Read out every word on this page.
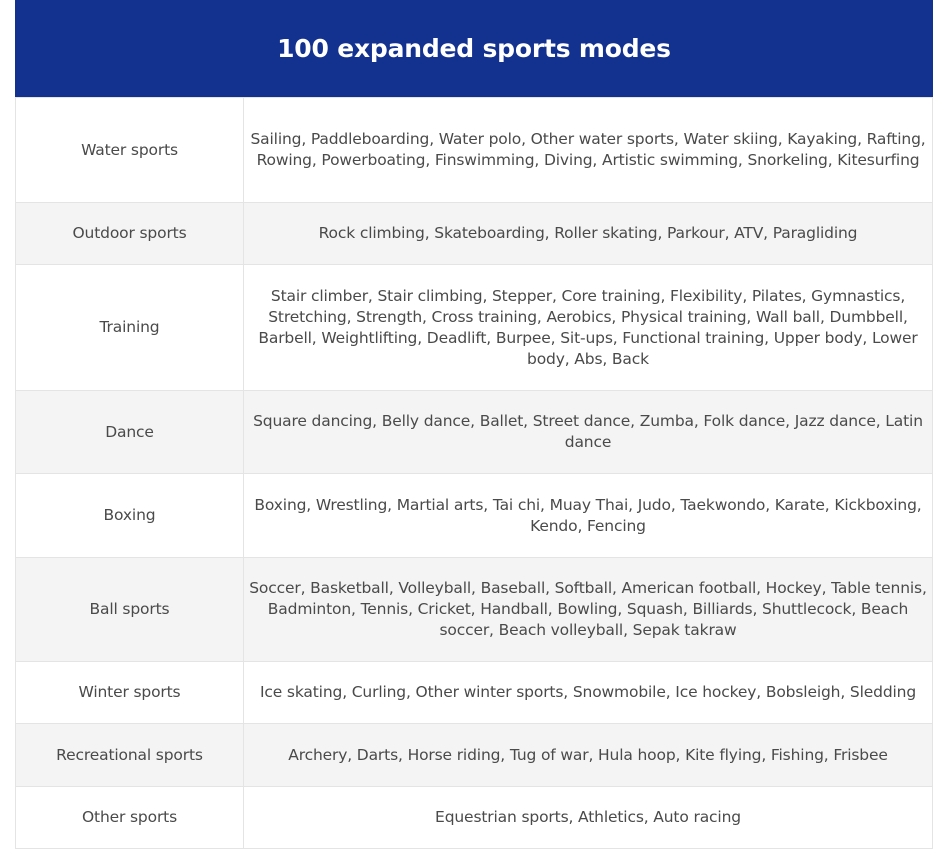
100 expanded sports modes
Water sports	Sailing, Paddleboarding, Water polo, Other water sports, Water skiing, Kayaking, Rafting, Rowing, Powerboating, Finswimming, Diving, Artistic swimming, Snorkeling, Kitesurfing
Outdoor sports	Rock climbing, Skateboarding, Roller skating, Parkour, ATV, Paragliding
Training	Stair climber, Stair climbing, Stepper, Core training, Flexibility, Pilates, Gymnastics, Stretching, Strength, Cross training, Aerobics, Physical training, Wall ball, Dumbbell, Barbell, Weightlifting, Deadlift, Burpee, Sit-ups, Functional training, Upper body, Lower body, Abs, Back
Dance	Square dancing, Belly dance, Ballet, Street dance, Zumba, Folk dance, Jazz dance, Latin dance
Boxing	Boxing, Wrestling, Martial arts, Tai chi, Muay Thai, Judo, Taekwondo, Karate, Kickboxing, Kendo, Fencing
Ball sports	Soccer, Basketball, Volleyball, Baseball, Softball, American football, Hockey, Table tennis, Badminton, Tennis, Cricket, Handball, Bowling, Squash, Billiards, Shuttlecock, Beach soccer, Beach volleyball, Sepak takraw
Winter sports	Ice skating, Curling, Other winter sports, Snowmobile, Ice hockey, Bobsleigh, Sledding
Recreational sports	Archery, Darts, Horse riding, Tug of war, Hula hoop, Kite flying, Fishing, Frisbee
Other sports	Equestrian sports, Athletics, Auto racing
